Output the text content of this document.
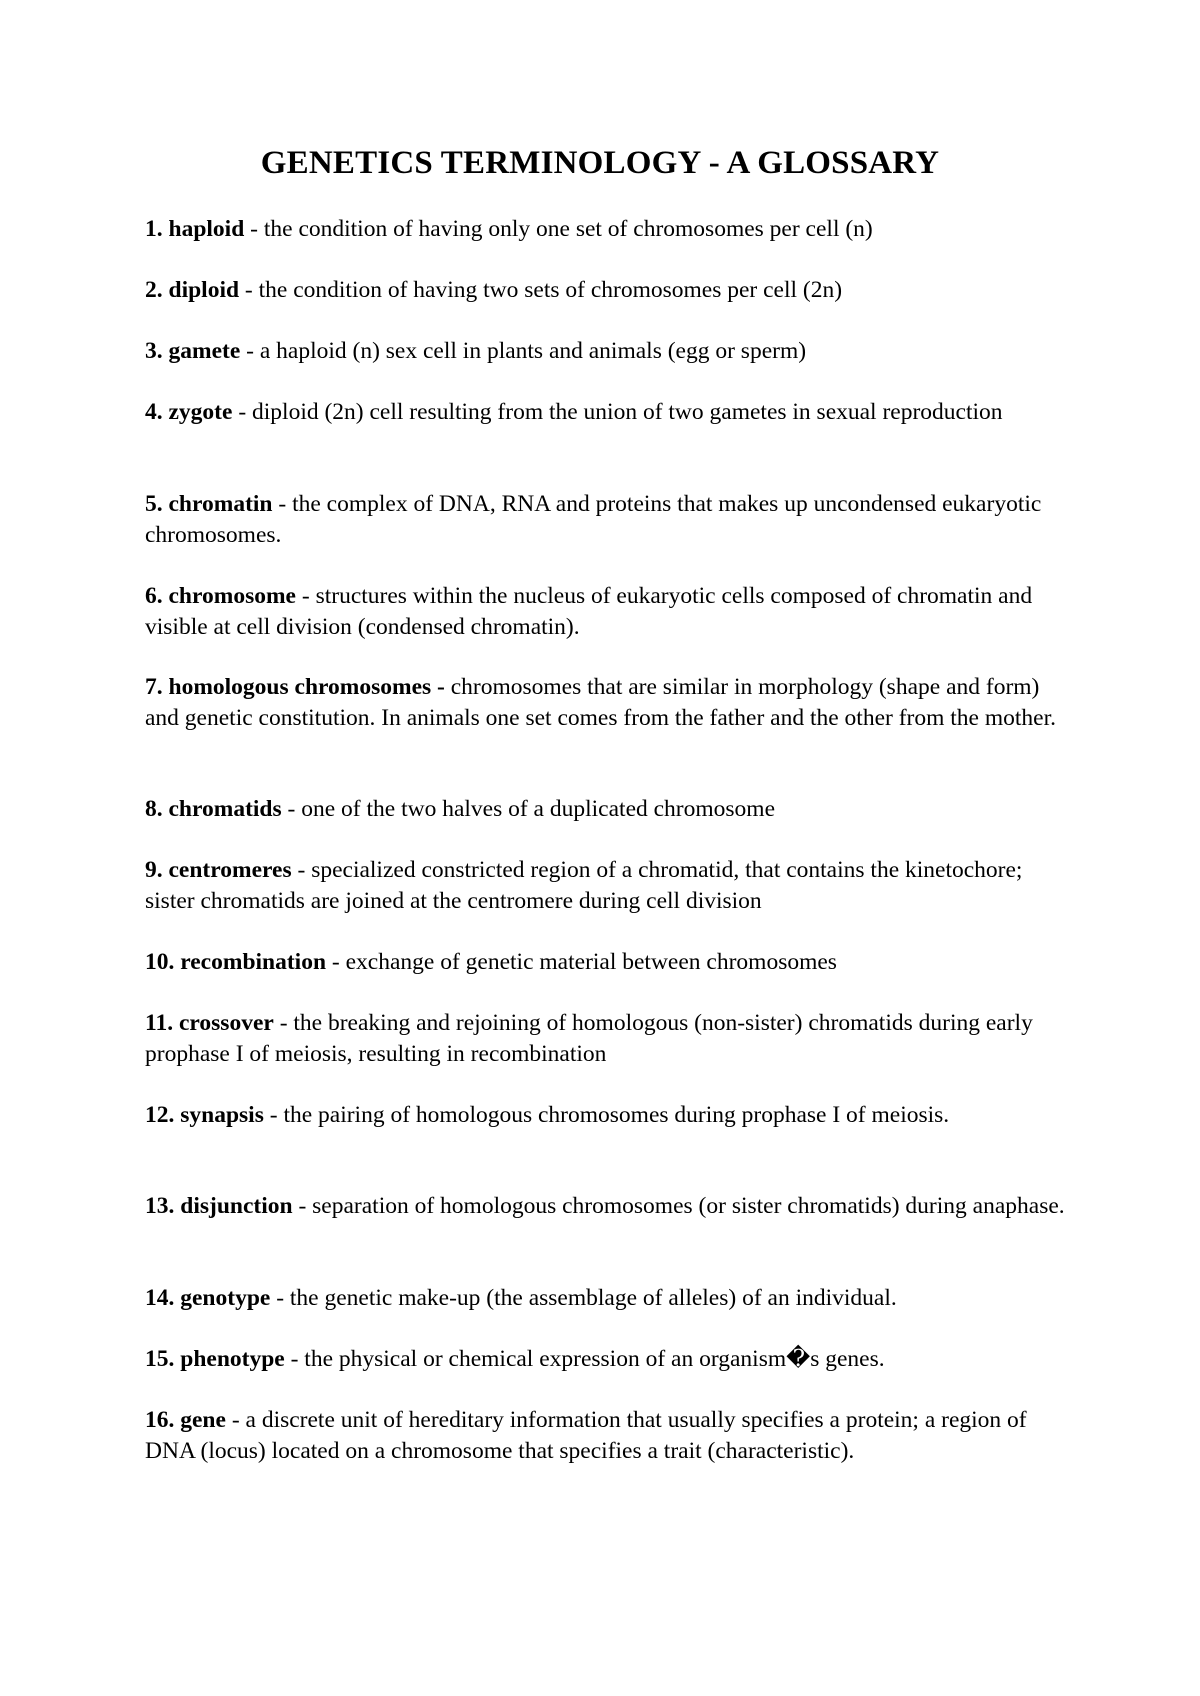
GENETICS TERMINOLOGY - A GLOSSARY
1. haploid - the condition of having only one set of chromosomes per cell (n)
2. diploid - the condition of having two sets of chromosomes per cell (2n)
3. gamete - a haploid (n) sex cell in plants and animals (egg or sperm)
4. zygote - diploid (2n) cell resulting from the union of two gametes in sexual reproduction
5. chromatin - the complex of DNA, RNA and proteins that makes up uncondensed eukaryotic chromosomes.
6. chromosome - structures within the nucleus of eukaryotic cells composed of chromatin and visible at cell division (condensed chromatin).
7. homologous chromosomes - chromosomes that are similar in morphology (shape and form) and genetic constitution. In animals one set comes from the father and the other from the mother.
8. chromatids - one of the two halves of a duplicated chromosome
9. centromeres - specialized constricted region of a chromatid, that contains the kinetochore; sister chromatids are joined at the centromere during cell division
10. recombination - exchange of genetic material between chromosomes
11. crossover - the breaking and rejoining of homologous (non-sister) chromatids during early prophase I of meiosis, resulting in recombination
12. synapsis - the pairing of homologous chromosomes during prophase I of meiosis.
13. disjunction - separation of homologous chromosomes (or sister chromatids) during anaphase.
14. genotype - the genetic make-up (the assemblage of alleles) of an individual.
15. phenotype - the physical or chemical expression of an organism�s genes.
16. gene - a discrete unit of hereditary information that usually specifies a protein; a region of DNA (locus) located on a chromosome that specifies a trait (characteristic).
